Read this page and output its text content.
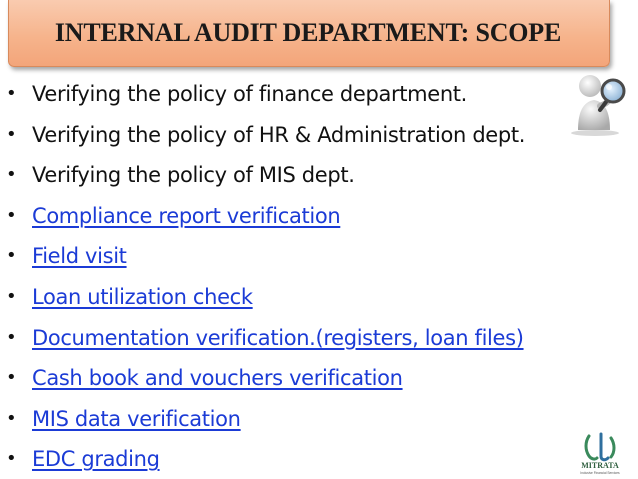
INTERNAL AUDIT DEPARTMENT: SCOPE
• Verifying the policy of finance department.
• Verifying the policy of HR & Administration dept.
• Verifying the policy of MIS dept.
• Compliance report verification
• Field visit
• Loan utilization check
• Documentation verification.(registers, loan files)
• Cash book and vouchers verification
• MIS data verification
• EDC grading	MITRATA
Inclusive Financial Services
